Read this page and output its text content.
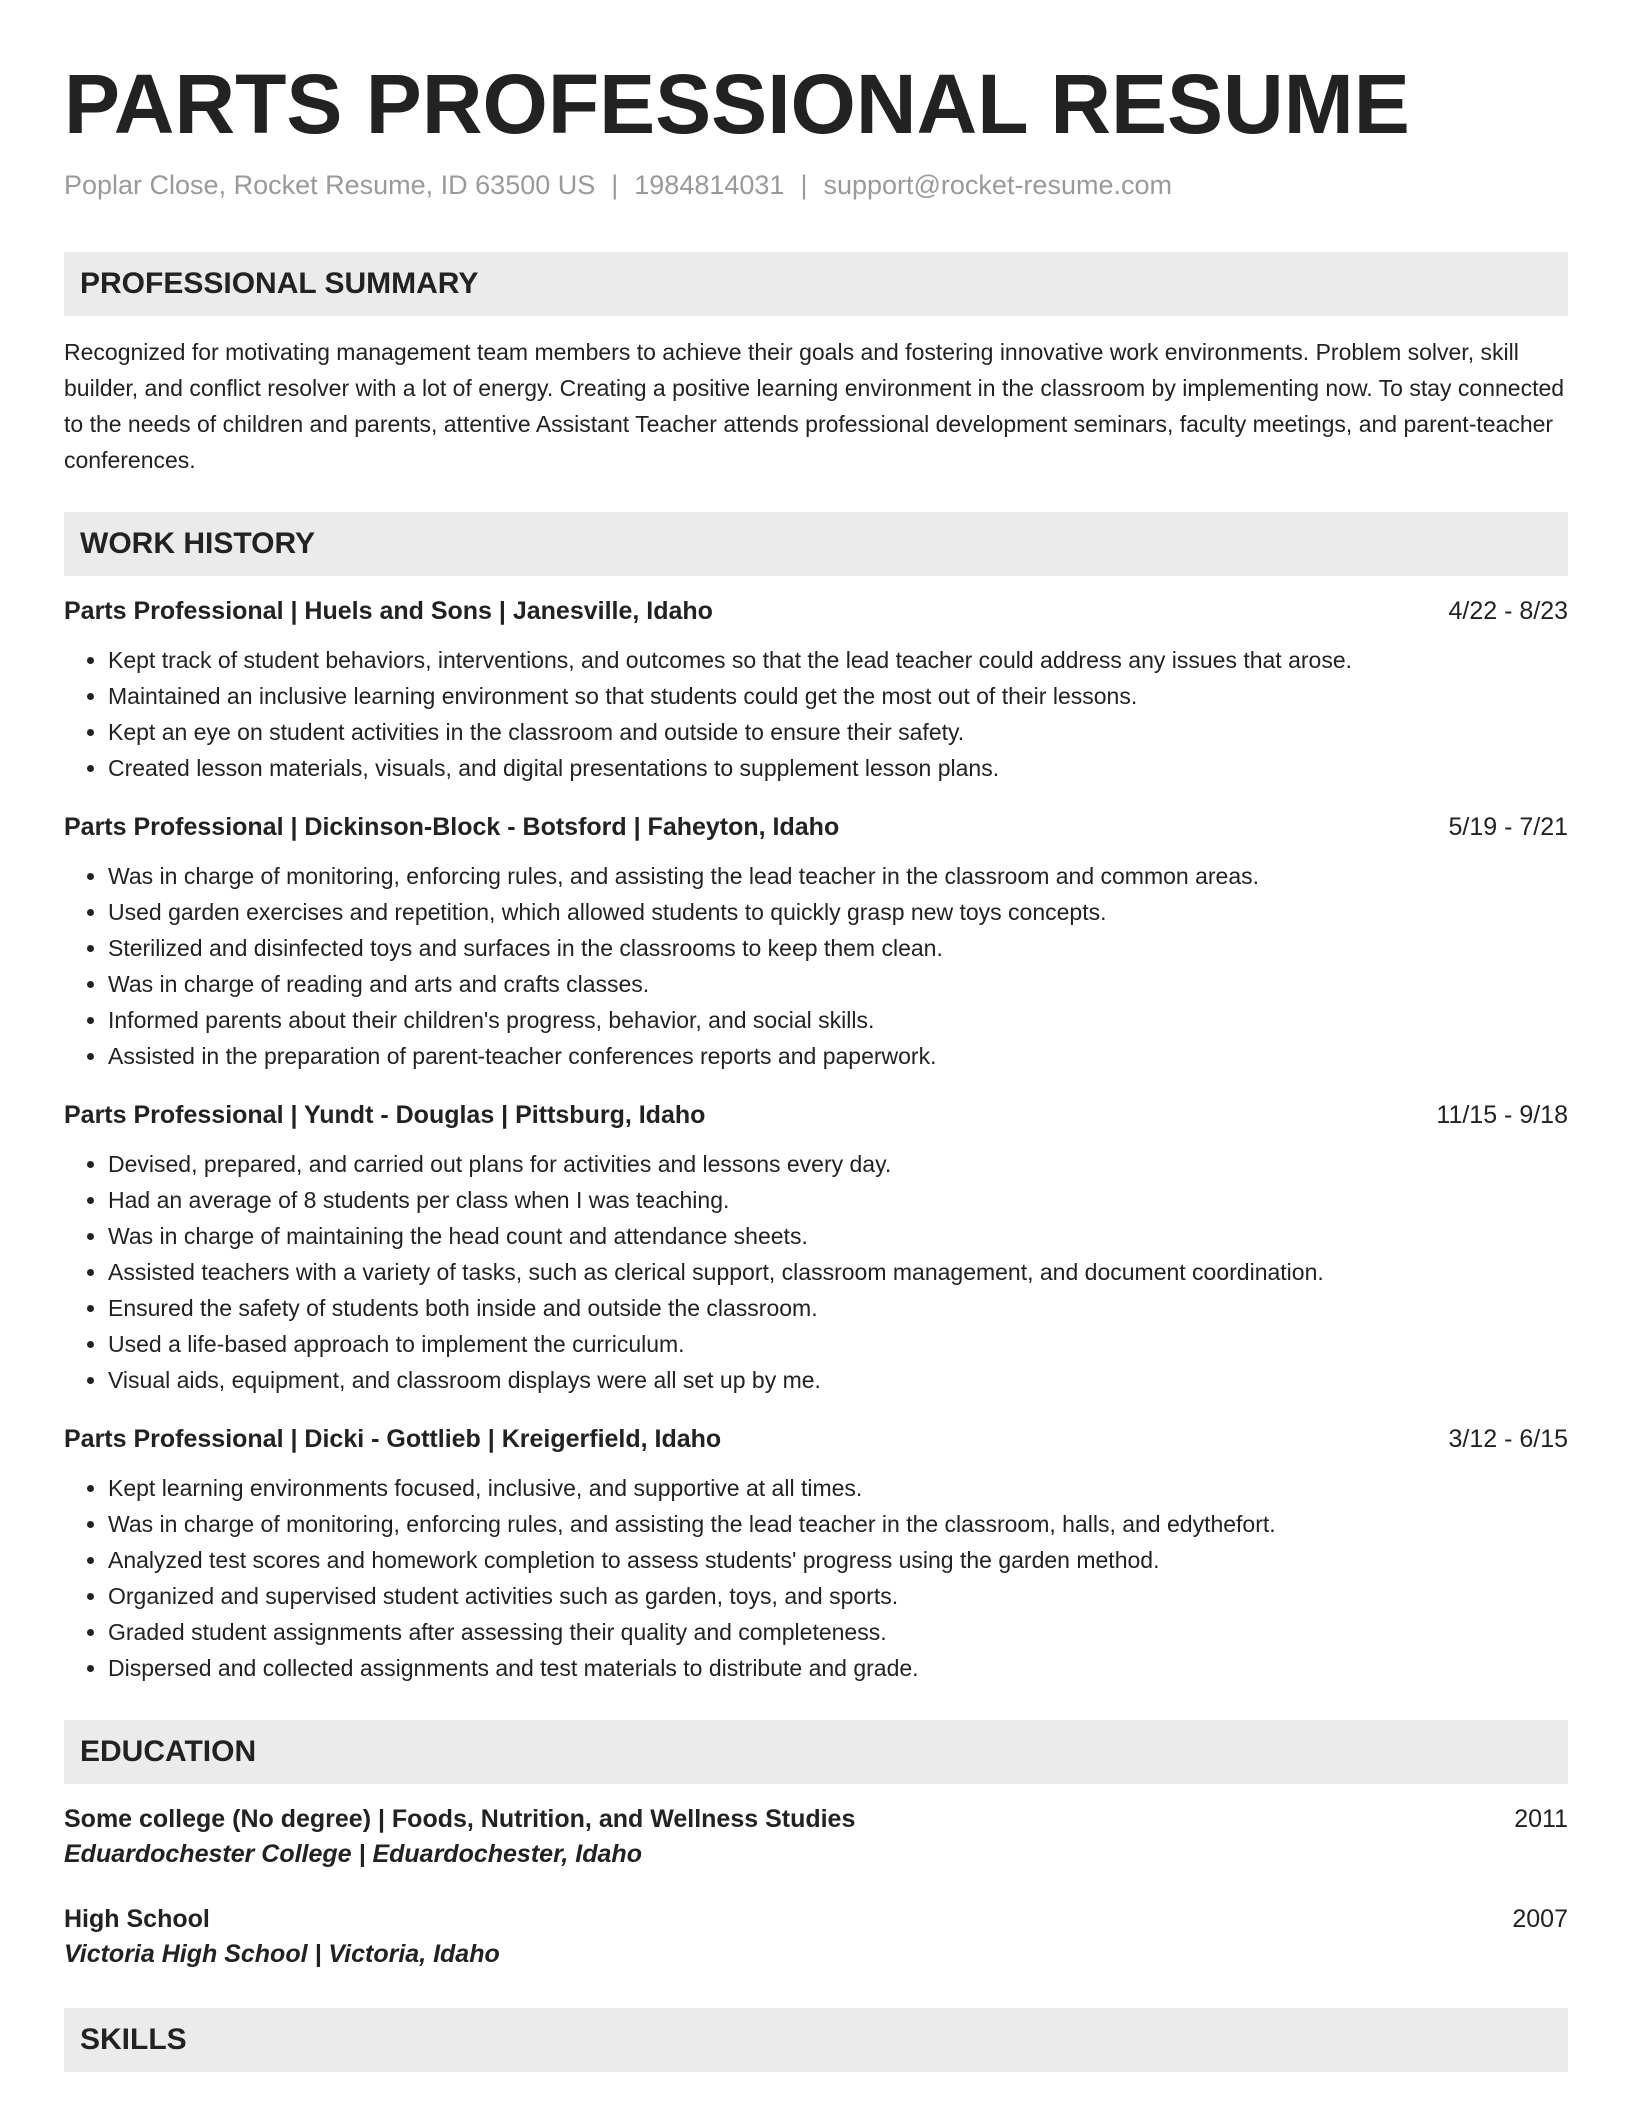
PARTS PROFESSIONAL RESUME
Poplar Close, Rocket Resume, ID 63500 US | 1984814031 | support@rocket-resume.com
PROFESSIONAL SUMMARY

Recognized for motivating management team members to achieve their goals and fostering innovative work environments. Problem solver, skill builder, and conflict resolver with a lot of energy. Creating a positive learning environment in the classroom by implementing now. To stay connected to the needs of children and parents, attentive Assistant Teacher attends professional development seminars, faculty meetings, and parent-teacher conferences.

WORK HISTORY
Parts Professional | Huels and Sons | Janesville, Idaho	4/22 - 8/23
• Kept track of student behaviors, interventions, and outcomes so that the lead teacher could address any issues that arose.
• Maintained an inclusive learning environment so that students could get the most out of their lessons.
• Kept an eye on student activities in the classroom and outside to ensure their safety.
• Created lesson materials, visuals, and digital presentations to supplement lesson plans.
Parts Professional | Dickinson-Block - Botsford | Faheyton, Idaho	5/19 - 7/21
• Was in charge of monitoring, enforcing rules, and assisting the lead teacher in the classroom and common areas.
• Used garden exercises and repetition, which allowed students to quickly grasp new toys concepts.
• Sterilized and disinfected toys and surfaces in the classrooms to keep them clean.
• Was in charge of reading and arts and crafts classes.
• Informed parents about their children's progress, behavior, and social skills.
• Assisted in the preparation of parent-teacher conferences reports and paperwork.
Parts Professional | Yundt - Douglas | Pittsburg, Idaho	11/15 - 9/18
• Devised, prepared, and carried out plans for activities and lessons every day.
• Had an average of 8 students per class when I was teaching.
• Was in charge of maintaining the head count and attendance sheets.
• Assisted teachers with a variety of tasks, such as clerical support, classroom management, and document coordination.
• Ensured the safety of students both inside and outside the classroom.
• Used a life-based approach to implement the curriculum.
• Visual aids, equipment, and classroom displays were all set up by me.
Parts Professional | Dicki - Gottlieb | Kreigerfield, Idaho	3/12 - 6/15
• Kept learning environments focused, inclusive, and supportive at all times.
• Was in charge of monitoring, enforcing rules, and assisting the lead teacher in the classroom, halls, and edythefort.
• Analyzed test scores and homework completion to assess students' progress using the garden method.
• Organized and supervised student activities such as garden, toys, and sports.
• Graded student assignments after assessing their quality and completeness.
• Dispersed and collected assignments and test materials to distribute and grade.
EDUCATION
Some college (No degree) | Foods, Nutrition, and Wellness Studies	2011
Eduardochester College | Eduardochester, Idaho
High School	2007
Victoria High School | Victoria, Idaho
SKILLS
